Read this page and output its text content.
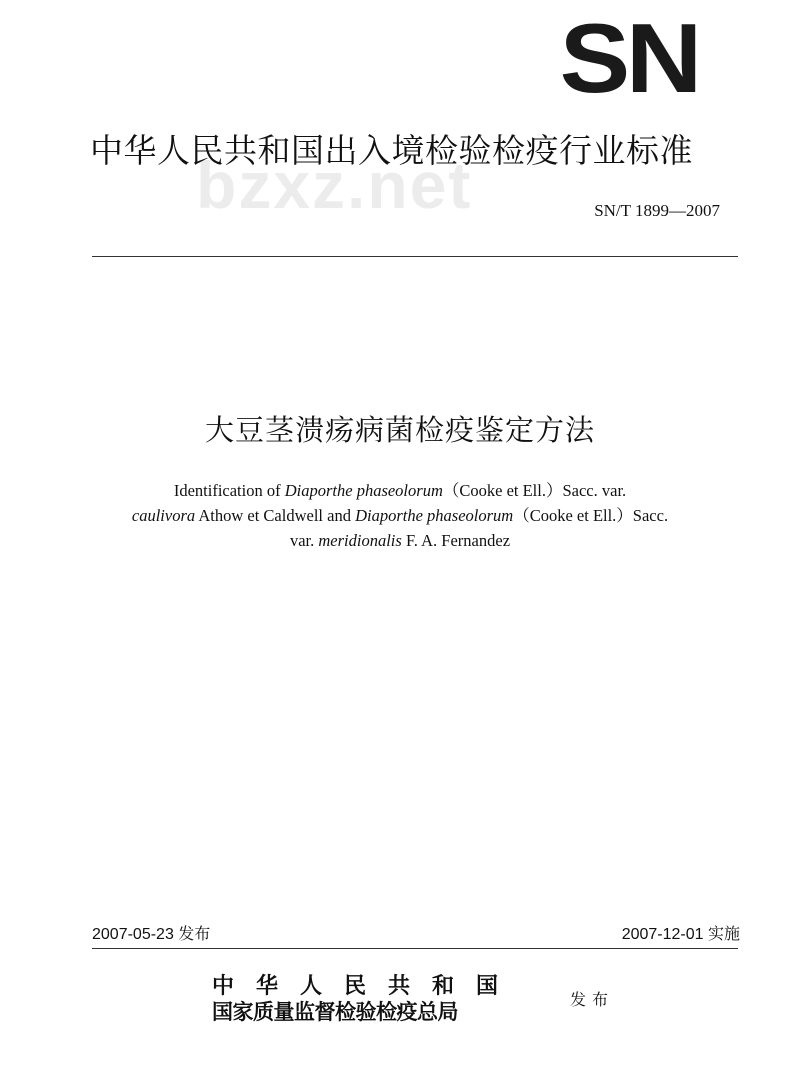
SN
bzxz.net
中华人民共和国出入境检验检疫行业标准
SN/T 1899—2007
大豆茎溃疡病菌检疫鉴定方法
Identification of Diaporthe phaseolorum（Cooke et Ell.）Sacc. var.
caulivora Athow et Caldwell and Diaporthe phaseolorum（Cooke et Ell.）Sacc.
var. meridionalis F. A. Fernandez
2007-05-23 发布	2007-12-01 实施
中华人民共和国
国家质量监督检验检疫总局	发布
